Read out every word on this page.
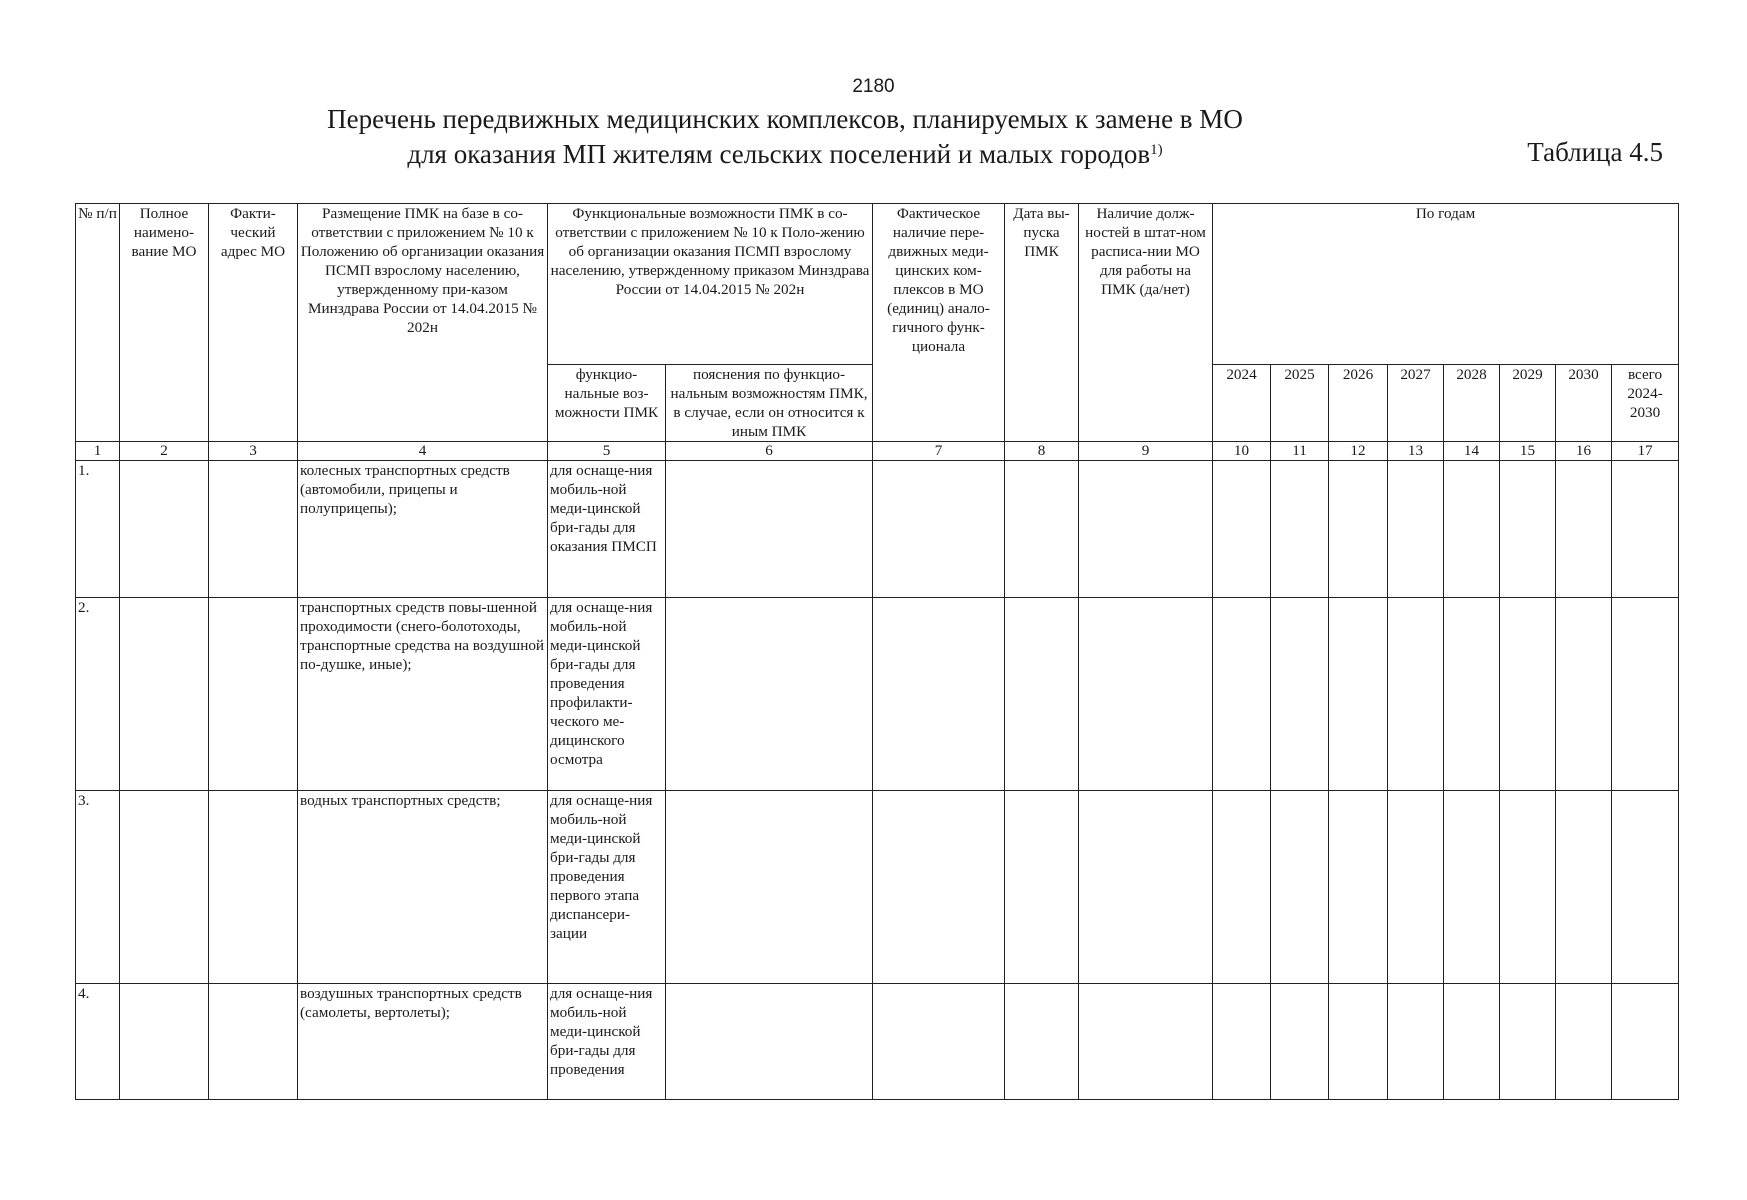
2180
Перечень передвижных медицинских комплексов, планируемых к замене в МО
для оказания МП жителям сельских поселений и малых городов$^{1)}$	Таблица 4.5
№ п/п	Полное наимено-вание МО	Факти-ческий адрес МО	Размещение ПМК на базе в со-ответствии с приложением № 10 к Положению об организации оказания ПСМП взрослому населению, утвержденному при-казом Минздрава России от 14.04.2015 № 202н	Функциональные возможности ПМК в со-ответствии с приложением № 10 к Поло-жению об организации оказания ПСМП взрослому населению, утвержденному приказом Минздрава России от 14.04.2015 № 202н		Фактическое наличие пере-движных меди-цинских ком-плексов в МО (единиц) анало-гичного функ-ционала	Дата вы-пуска ПМК	Наличие долж-ностей в штат-ном расписа-нии МО для работы на ПМК (да/нет)	По годам							
				функцио-нальные воз-можности ПМК	пояснения по функцио-нальным возможностям ПМК, в случае, если он относится к иным ПМК				2024	2025	2026	2027	2028	2029	2030	всего 2024-2030
1	2	3	4	5	6	7	8	9	10	11	12	13	14	15	16	17
1.			колесных транспортных средств (автомобили, прицепы и полуприцепы);	для оснаще-ния мобиль-ной меди-цинской бри-гады для оказания ПМСП												
2.			транспортных средств повы-шенной проходимости (снего-болотоходы, транспортные средства на воздушной по-душке, иные);	для оснаще-ния мобиль-ной меди-цинской бри-гады для проведения профилакти-ческого ме-дицинского осмотра												
3.			водных транспортных средств;	для оснаще-ния мобиль-ной меди-цинской бри-гады для проведения первого этапа диспансери-зации												
4.			воздушных транспортных средств (самолеты, вертолеты);	для оснаще-ния мобиль-ной меди-цинской бри-гады для проведения												
